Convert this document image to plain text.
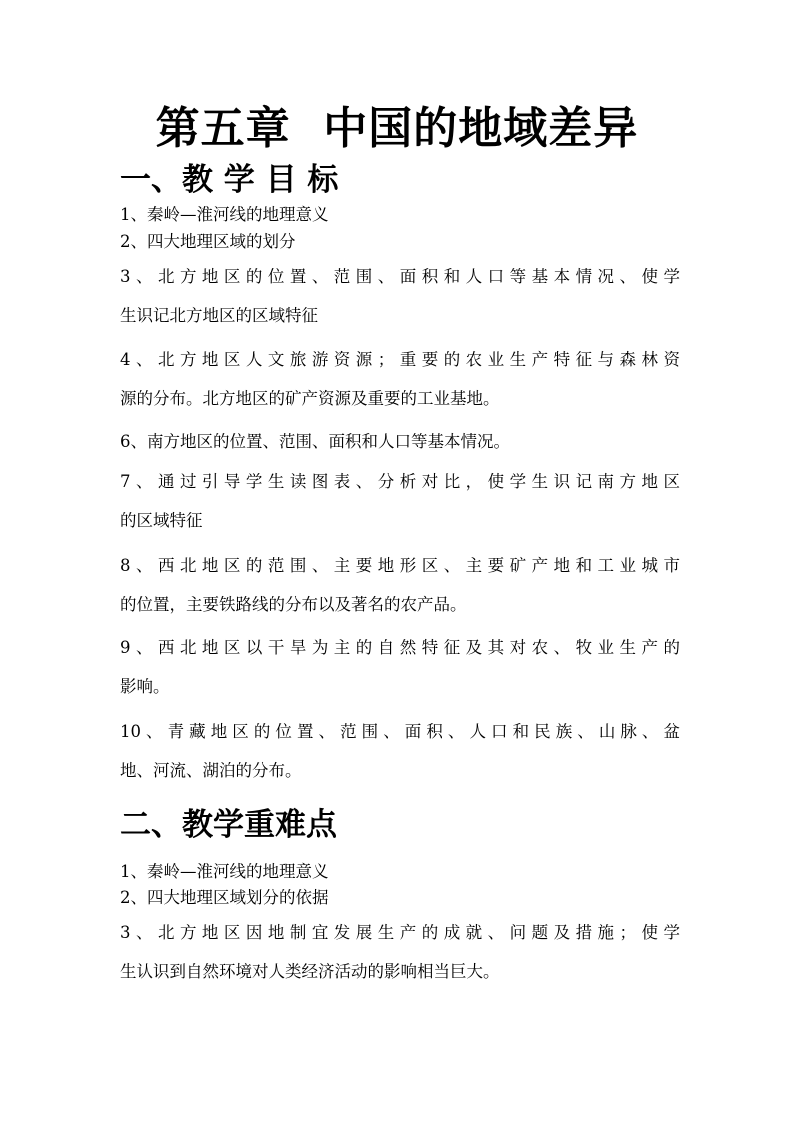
第五章  中国的地域差异
一、教 学 目 标
1、秦岭—淮河线的地理意义
2、四大地理区域的划分
3、北方地区的位置、范围、面积和人口等基本情况、使学
生识记北方地区的区域特征
4、北方地区人文旅游资源；重要的农业生产特征与森林资
源的分布。北方地区的矿产资源及重要的工业基地。
6、南方地区的位置、范围、面积和人口等基本情况。
7、通过引导学生读图表、分析对比，使学生识记南方地区
的区域特征
8、西北地区的范围、主要地形区、主要矿产地和工业城市
的位置，主要铁路线的分布以及著名的农产品。
9、西北地区以干旱为主的自然特征及其对农、牧业生产的
影响。
10、青藏地区的位置、范围、面积、人口和民族、山脉、盆
地、河流、湖泊的分布。
二、教学重难点
1、秦岭—淮河线的地理意义
2、四大地理区域划分的依据
3、北方地区因地制宜发展生产的成就、问题及措施；使学
生认识到自然环境对人类经济活动的影响相当巨大。
